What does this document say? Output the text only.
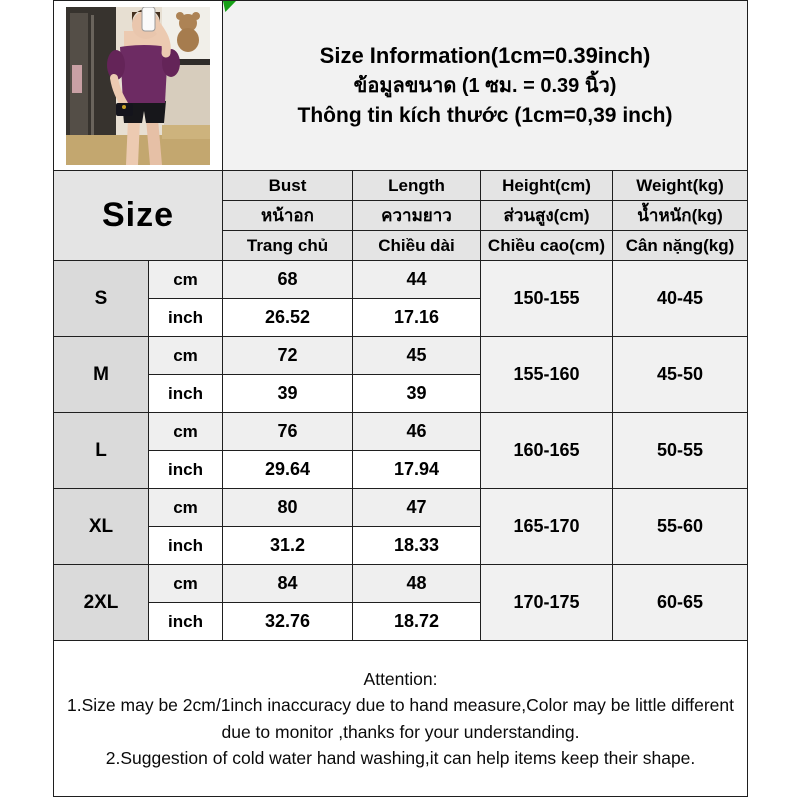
Size Information(1cm=0.39inch)
ข้อมูลขนาด (1 ซม. = 0.39 นิ้ว)
Thông tin kích thước (1cm=0,39 inch)			

Size		Bust	Length	Height(cm)	Weight(kg)
		หน้าอก	ความยาว	ส่วนสูง(cm)	น้ำหนัก(kg)
		Trang chủ	Chiều dài	Chiều cao(cm)	Cân nặng(kg)
S	cm	68	44	150-155	40-45
	inch	26.52	17.16		
M	cm	72	45	155-160	45-50
	inch	39	39		
L	cm	76	46	160-165	50-55
	inch	29.64	17.94		
XL	cm	80	47	165-170	55-60
	inch	31.2	18.33		
2XL	cm	84	48	170-175	60-65
	inch	32.76	18.72		

Attention:
1.Size may be 2cm/1inch inaccuracy due to hand measure,Color may be little different due to monitor ,thanks for your understanding.
2.Suggestion of cold water hand washing,it can help items keep their shape.					
